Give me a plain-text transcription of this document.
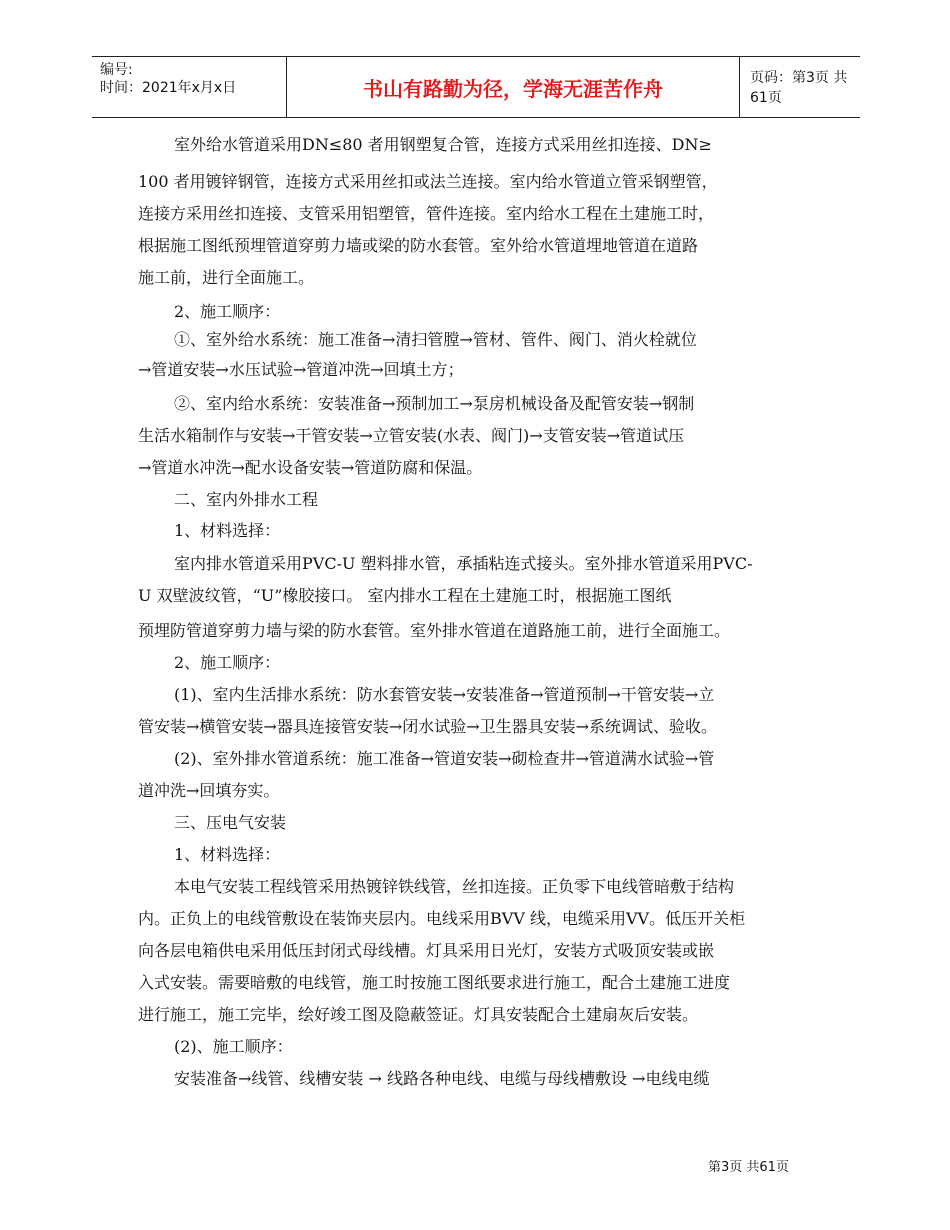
编号:
时间：2021年x月x日	书山有路勤为径，学海无涯苦作舟	页码：第3页 共61页
室外给水管道采用DN≤80 者用钢塑复合管，连接方式采用丝扣连接、DN≥
100 者用镀锌钢管，连接方式采用丝扣或法兰连接。室内给水管道立管采钢塑管，
连接方采用丝扣连接、支管采用铝塑管，管件连接。室内给水工程在土建施工时，
根据施工图纸预埋管道穿剪力墙或梁的防水套管。室外给水管道埋地管道在道路
施工前，进行全面施工。
2、施工顺序：
①、室外给水系统：施工准备→清扫管膛→管材、管件、阀门、消火栓就位
→管道安装→水压试验→管道冲洗→回填土方；
②、室内给水系统：安装准备→预制加工→泵房机械设备及配管安装→钢制
生活水箱制作与安装→干管安装→立管安装(水表、阀门)→支管安装→管道试压
→管道水冲洗→配水设备安装→管道防腐和保温。
二、室内外排水工程
1、材料选择：
室内排水管道采用PVC-U 塑料排水管，承插粘连式接头。室外排水管道采用PVC-
U 双壁波纹管，“U”橡胶接口。 室内排水工程在土建施工时，根据施工图纸
预埋防管道穿剪力墙与梁的防水套管。室外排水管道在道路施工前，进行全面施工。
2、施工顺序：
(1)、室内生活排水系统：防水套管安装→安装准备→管道预制→干管安装→立
管安装→横管安装→器具连接管安装→闭水试验→卫生器具安装→系统调试、验收。
(2)、室外排水管道系统：施工准备→管道安装→砌检查井→管道满水试验→管
道冲洗→回填夯实。
三、压电气安装
1、材料选择：
本电气安装工程线管采用热镀锌铁线管，丝扣连接。正负零下电线管暗敷于结构
内。正负上的电线管敷设在装饰夹层内。电线采用BVV 线，电缆采用VV。低压开关柜
向各层电箱供电采用低压封闭式母线槽。灯具采用日光灯，安装方式吸顶安装或嵌
入式安装。需要暗敷的电线管，施工时按施工图纸要求进行施工，配合土建施工进度
进行施工，施工完毕，绘好竣工图及隐蔽签证。灯具安装配合土建扇灰后安装。
(2)、施工顺序：
安装准备→线管、线槽安装 → 线路各种电线、电缆与母线槽敷设 →电线电缆
第3页 共61页
